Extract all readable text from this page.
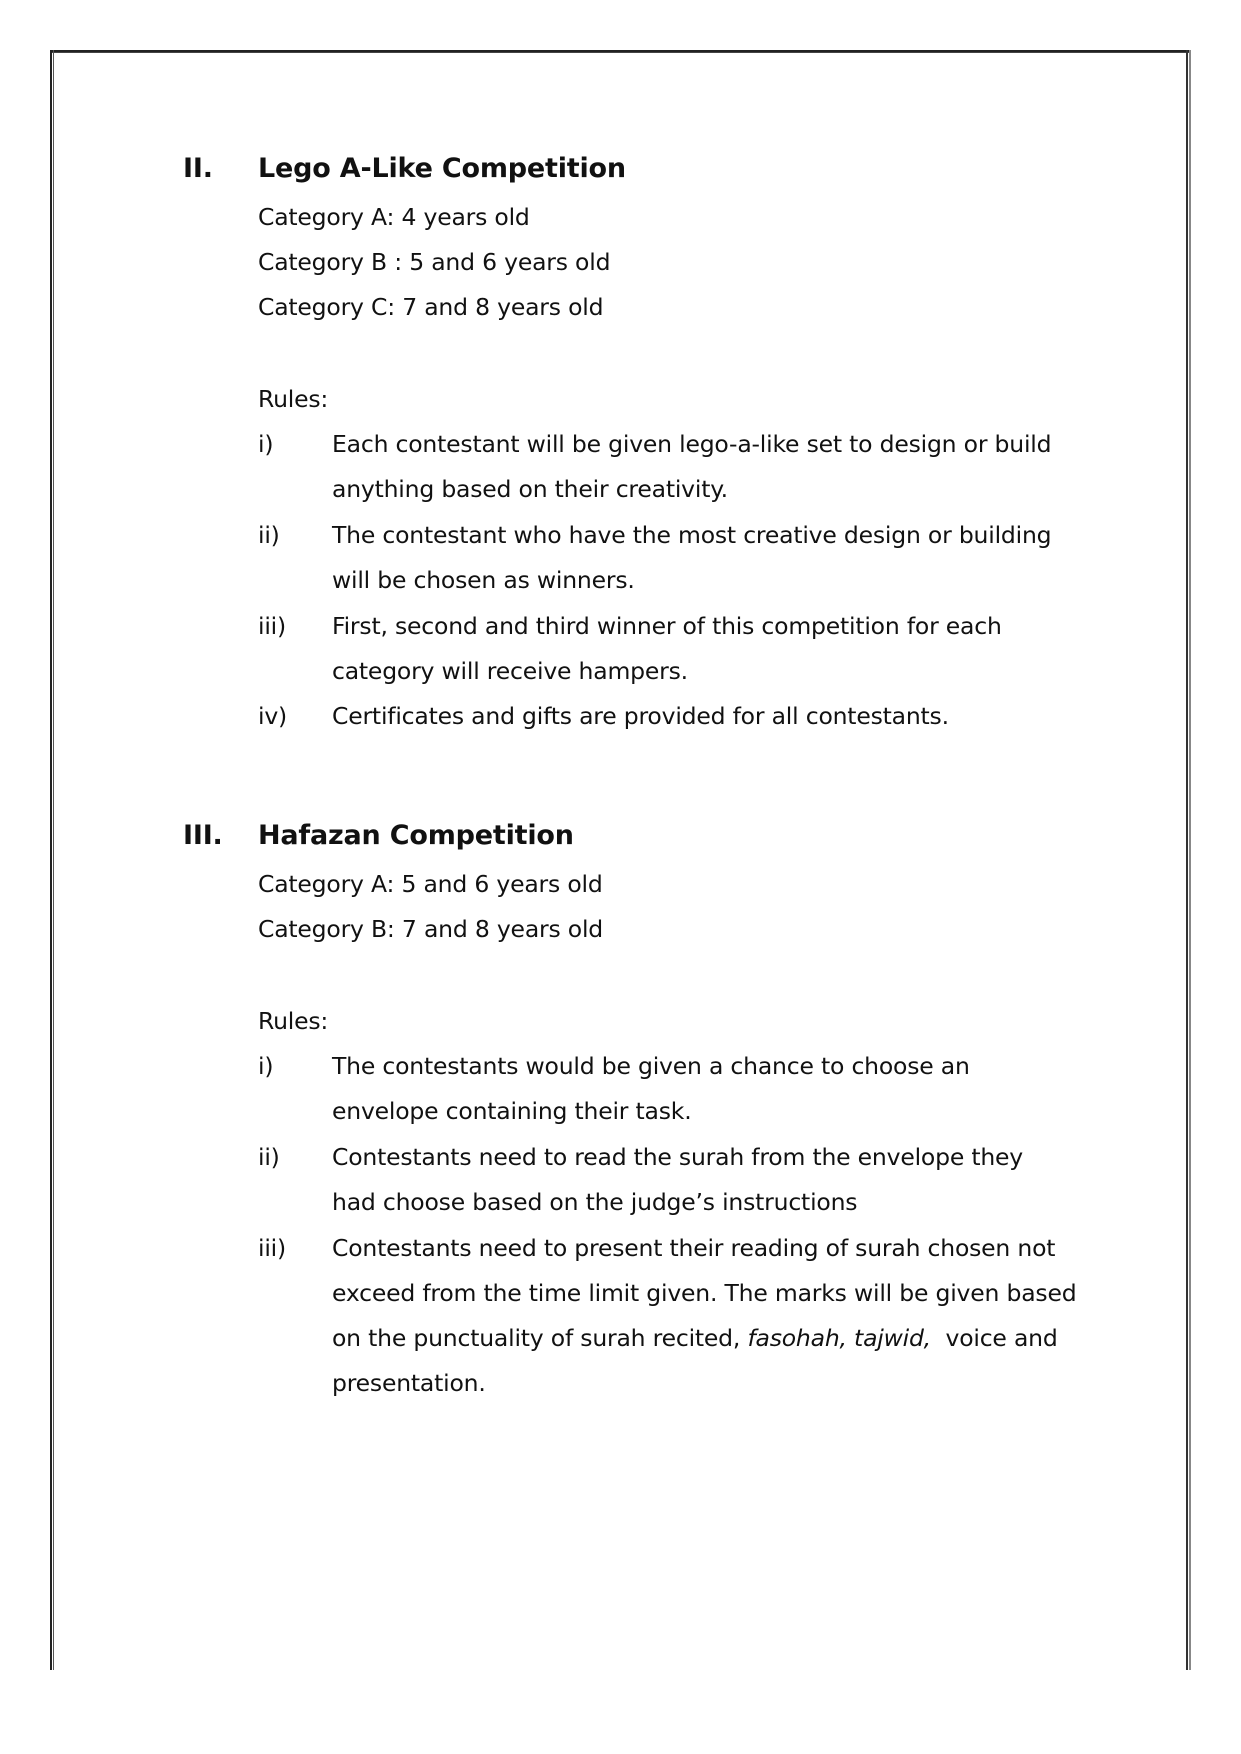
II. Lego A-Like Competition
Category A: 4 years old
Category B : 5 and 6 years old
Category C: 7 and 8 years old
Rules:
i) Each contestant will be given lego-a-like set to design or build
anything based on their creativity.
ii) The contestant who have the most creative design or building
will be chosen as winners.
iii) First, second and third winner of this competition for each
category will receive hampers.
iv) Certificates and gifts are provided for all contestants.
III. Hafazan Competition
Category A: 5 and 6 years old
Category B: 7 and 8 years old
Rules:
i) The contestants would be given a chance to choose an
envelope containing their task.
ii) Contestants need to read the surah from the envelope they
had choose based on the judge’s instructions
iii) Contestants need to present their reading of surah chosen not
exceed from the time limit given. The marks will be given based
on the punctuality of surah recited, fasohah, tajwid,  voice and
presentation.
